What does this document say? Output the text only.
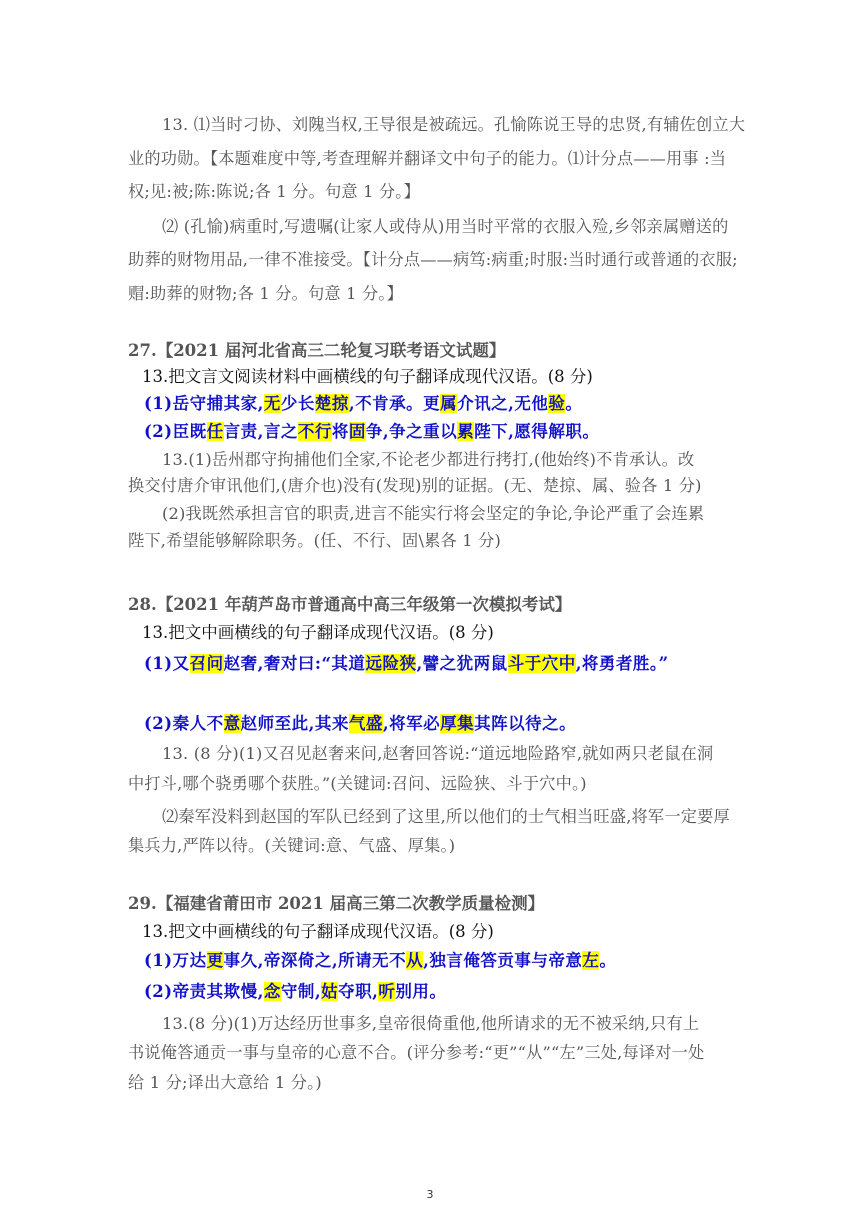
13. ⑴当时刁协、刘隗当权,王导很是被疏远。孔愉陈说王导的忠贤,有辅佐创立大

业的功勋。【本题难度中等,考查理解并翻译文中句子的能力。⑴计分点——用事 :当

权;见:被;陈:陈说;各 1 分。句意 1 分。】

⑵ (孔愉)病重时,写遗嘱(让家人或侍从)用当时平常的衣服入殓,乡邻亲属赠送的

助葬的财物用品,一律不准接受。【计分点——病笃:病重;时服:当时通行或普通的衣服;

赗:助葬的财物;各 1 分。句意 1 分。】

27.【2021 届河北省高三二轮复习联考语文试题】

13.把文言文阅读材料中画横线的句子翻译成现代汉语。(8 分)

(1)岳守捕其家,无少长楚掠,不肯承。更属介讯之,无他验。

(2)臣既任言责,言之不行将固争,争之重以累陛下,愿得解职。

13.(1)岳州郡守拘捕他们全家,不论老少都进行拷打,(他始终)不肯承认。改

换交付唐介审讯他们,(唐介也)没有(发现)别的证据。(无、楚掠、属、验各 1 分)

(2)我既然承担言官的职责,进言不能实行将会坚定的争论,争论严重了会连累

陛下,希望能够解除职务。(任、不行、固\累各 1 分)

28.【2021 年葫芦岛市普通高中高三年级第一次模拟考试】

13.把文中画横线的句子翻译成现代汉语。(8 分)

(1)又召问赵奢,奢对曰:“其道远险狭,譬之犹两鼠斗于穴中,将勇者胜。”

(2)秦人不意赵师至此,其来气盛,将军必厚集其阵以待之。

13. (8 分)(1)又召见赵奢来问,赵奢回答说:“道远地险路窄,就如两只老鼠在洞

中打斗,哪个骁勇哪个获胜。”(关键词:召问、远险狭、斗于穴中。)

⑵秦军没料到赵国的军队已经到了这里,所以他们的士气相当旺盛,将军一定要厚

集兵力,严阵以待。(关键词:意、气盛、厚集。)

29.【福建省莆田市 2021 届高三第二次教学质量检测】

13.把文中画横线的句子翻译成现代汉语。(8 分)

(1)万达更事久,帝深倚之,所请无不从,独言俺答贡事与帝意左。

(2)帝责其欺慢,念守制,姑夺职,听别用。

13.(8 分)(1)万达经历世事多,皇帝很倚重他,他所请求的无不被采纳,只有上

书说俺答通贡一事与皇帝的心意不合。(评分参考:“更”“从”“左”三处,每译对一处

给 1 分;译出大意给 1 分。)

3
